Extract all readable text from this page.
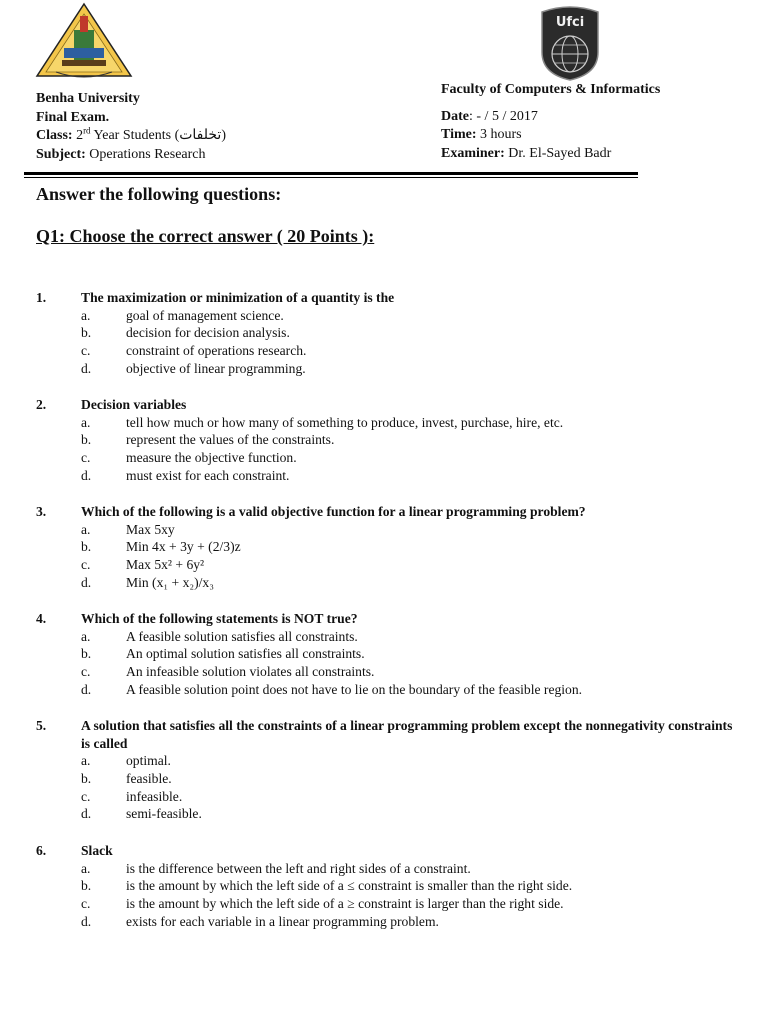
Ufci
Benha University
Final Exam.
Class: 2rd Year Students (تخلفات)
Subject: Operations Research
Faculty of Computers & Informatics
Date: - / 5 / 2017
Time: 3 hours
Examiner: Dr. El-Sayed Badr
Answer the following questions:
Q1: Choose the correct answer ( 20 Points ):
1.	The maximization or minimization of a quantity is the
a.	goal of management science.
b.	decision for decision analysis.
c.	constraint of operations research.
d.	objective of linear programming.
2.	Decision variables
a.	tell how much or how many of something to produce, invest, purchase, hire, etc.
b.	represent the values of the constraints.
c.	measure the objective function.
d.	must exist for each constraint.
3.	Which of the following is a valid objective function for a linear programming problem?
a.	Max 5xy
b.	Min 4x + 3y + (2/3)z
c.	Max 5x² + 6y²
d.	Min (x₁ + x₂)/x₃
4.	Which of the following statements is NOT true?
a.	A feasible solution satisfies all constraints.
b.	An optimal solution satisfies all constraints.
c.	An infeasible solution violates all constraints.
d.	A feasible solution point does not have to lie on the boundary of the feasible region.
5.	A solution that satisfies all the constraints of a linear programming problem except the nonnegativity constraints is called
a.	optimal.
b.	feasible.
c.	infeasible.
d.	semi-feasible.
6.	Slack
a.	is the difference between the left and right sides of a constraint.
b.	is the amount by which the left side of a ≤ constraint is smaller than the right side.
c.	is the amount by which the left side of a ≥ constraint is larger than the right side.
d.	exists for each variable in a linear programming problem.
